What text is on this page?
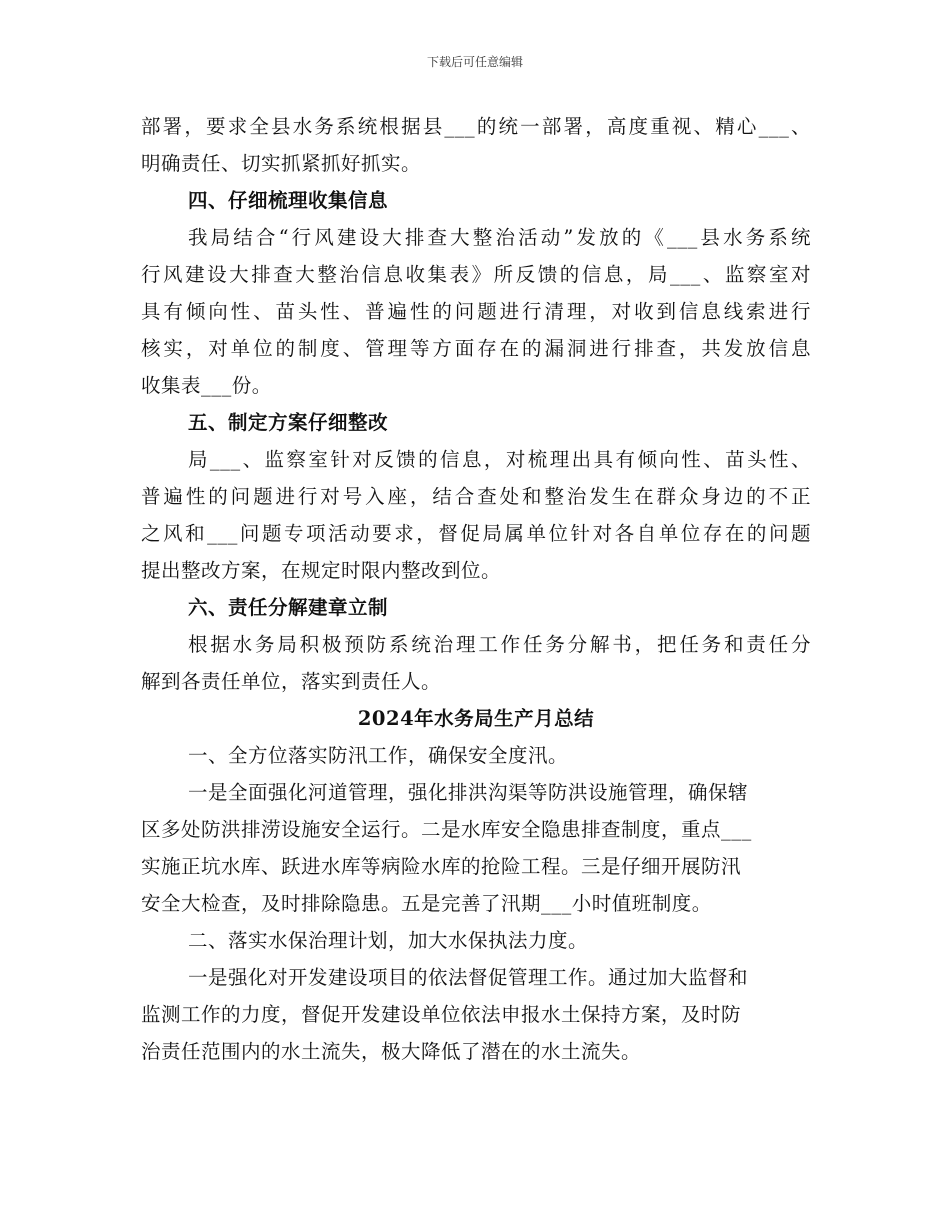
下载后可任意编辑
部署，要求全县水务系统根据县___的统一部署，高度重视、精心___、
明确责任、切实抓紧抓好抓实。
四、仔细梳理收集信息
我局结合“行风建设大排查大整治活动”发放的《___县水务系统
行风建设大排查大整治信息收集表》所反馈的信息，局___、监察室对
具有倾向性、苗头性、普遍性的问题进行清理，对收到信息线索进行
核实，对单位的制度、管理等方面存在的漏洞进行排查，共发放信息
收集表___份。
五、制定方案仔细整改
局___、监察室针对反馈的信息，对梳理出具有倾向性、苗头性、
普遍性的问题进行对号入座，结合查处和整治发生在群众身边的不正
之风和___问题专项活动要求，督促局属单位针对各自单位存在的问题
提出整改方案，在规定时限内整改到位。
六、责任分解建章立制
根据水务局积极预防系统治理工作任务分解书，把任务和责任分
解到各责任单位，落实到责任人。
2024年水务局生产月总结
一、全方位落实防汛工作，确保安全度汛。
一是全面强化河道管理，强化排洪沟渠等防洪设施管理，确保辖
区多处防洪排涝设施安全运行。二是水库安全隐患排查制度，重点___
实施正坑水库、跃进水库等病险水库的抢险工程。三是仔细开展防汛
安全大检查，及时排除隐患。五是完善了汛期___小时值班制度。
二、落实水保治理计划，加大水保执法力度。
一是强化对开发建设项目的依法督促管理工作。通过加大监督和
监测工作的力度，督促开发建设单位依法申报水土保持方案，及时防
治责任范围内的水土流失，极大降低了潜在的水土流失。
